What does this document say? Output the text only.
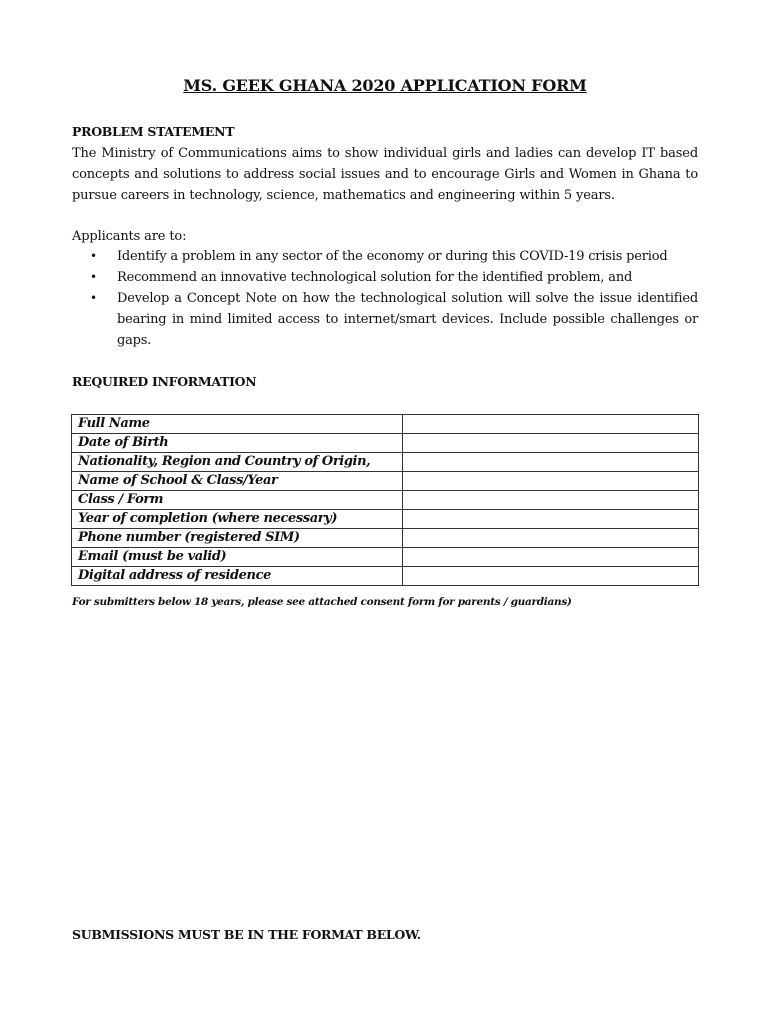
MS. GEEK GHANA 2020 APPLICATION FORM
PROBLEM STATEMENT

The Ministry of Communications aims to show individual girls and ladies can develop IT based concepts and solutions to address social issues and to encourage Girls and Women in Ghana to pursue careers in technology, science, mathematics and engineering within 5 years.

Applicants are to:

• Identify a problem in any sector of the economy or during this COVID-19 crisis period
• Recommend an innovative technological solution for the identified problem, and
• Develop a Concept Note on how the technological solution will solve the issue identified bearing in mind limited access to internet/smart devices. Include possible challenges or gaps.
REQUIRED INFORMATION
Full Name	
Date of Birth	
Nationality, Region and Country of Origin,	
Name of School & Class/Year	
Class / Form	
Year of completion (where necessary)	
Phone number (registered SIM)	
Email (must be valid)	
Digital address of residence	
For submitters below 18 years, please see attached consent form for parents / guardians)
SUBMISSIONS MUST BE IN THE FORMAT BELOW.
